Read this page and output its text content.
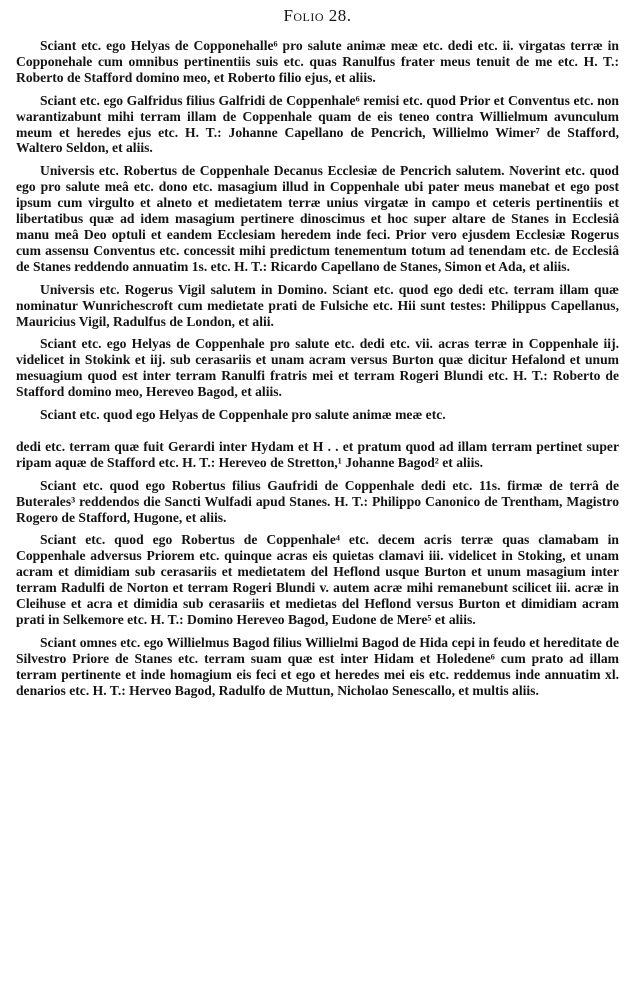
Folio 28.

Sciant etc. ego Helyas de Copponehalle⁶ pro salute animæ meæ etc. dedi etc. ii. virgatas terræ in Copponehale cum omnibus pertinentiis suis etc. quas Ranulfus frater meus tenuit de me etc. H. T.: Roberto de Stafford domino meo, et Roberto filio ejus, et aliis.

Sciant etc. ego Galfridus filius Galfridi de Coppenhale⁶ remisi etc. quod Prior et Conventus etc. non warantizabunt mihi terram illam de Coppenhale quam de eis teneo contra Willielmum avunculum meum et heredes ejus etc. H. T.: Johanne Capellano de Pencrich, Willielmo Wimer⁷ de Stafford, Waltero Seldon, et aliis.

Universis etc. Robertus de Coppenhale Decanus Ecclesiæ de Pencrich salutem. Noverint etc. quod ego pro salute meâ etc. dono etc. masagium illud in Coppenhale ubi pater meus manebat et ego post ipsum cum virgulto et alneto et medietatem terræ unius virgatæ in campo et ceteris pertinentiis et libertatibus quæ ad idem masagium pertinere dinoscimus et hoc super altare de Stanes in Ecclesiâ manu meâ Deo optuli et eandem Ecclesiam heredem inde feci. Prior vero ejusdem Ecclesiæ Rogerus cum assensu Conventus etc. concessit mihi predictum tenementum totum ad tenendam etc. de Ecclesiâ de Stanes reddendo annuatim 1s. etc. H. T.: Ricardo Capellano de Stanes, Simon et Ada, et aliis.

Universis etc. Rogerus Vigil salutem in Domino. Sciant etc. quod ego dedi etc. terram illam quæ nominatur Wunrichescroft cum medietate prati de Fulsiche etc. Hii sunt testes: Philippus Capellanus, Mauricius Vigil, Radulfus de London, et alii.

Sciant etc. ego Helyas de Coppenhale pro salute etc. dedi etc. vii. acras terræ in Coppenhale iij. videlicet in Stokink et iij. sub cerasariis et unam acram versus Burton quæ dicitur Hefalond et unum mesuagium quod est inter terram Ranulfi fratris mei et terram Rogeri Blundi etc. H. T.: Roberto de Stafford domino meo, Hereveo Bagod, et aliis.

Sciant etc. quod ego Helyas de Coppenhale pro salute animæ meæ etc.

dedi etc. terram quæ fuit Gerardi inter Hydam et H . . et pratum quod ad illam terram pertinet super ripam aquæ de Stafford etc. H. T.: Hereveo de Stretton,¹ Johanne Bagod² et aliis.

Sciant etc. quod ego Robertus filius Gaufridi de Coppenhale dedi etc. 11s. firmæ de terrâ de Buterales³ reddendos die Sancti Wulfadi apud Stanes. H. T.: Philippo Canonico de Trentham, Magistro Rogero de Stafford, Hugone, et aliis.

Sciant etc. quod ego Robertus de Coppenhale⁴ etc. decem acris terræ quas clamabam in Coppenhale adversus Priorem etc. quinque acras eis quietas clamavi iii. videlicet in Stoking, et unam acram et dimidiam sub cerasariis et medietatem del Heflond usque Burton et unum masagium inter terram Radulfi de Norton et terram Rogeri Blundi v. autem acræ mihi remanebunt scilicet iii. acræ in Cleihuse et acra et dimidia sub cerasariis et medietas del Heflond versus Burton et dimidiam acram prati in Selkemore etc. H. T.: Domino Hereveo Bagod, Eudone de Mere⁵ et aliis.

Sciant omnes etc. ego Willielmus Bagod filius Willielmi Bagod de Hida cepi in feudo et hereditate de Silvestro Priore de Stanes etc. terram suam quæ est inter Hidam et Holedene⁶ cum prato ad illam terram pertinente et inde homagium eis feci et ego et heredes mei eis etc. reddemus inde annuatim xl. denarios etc. H. T.: Herveo Bagod, Radulfo de Muttun, Nicholao Senescallo, et multis aliis.
